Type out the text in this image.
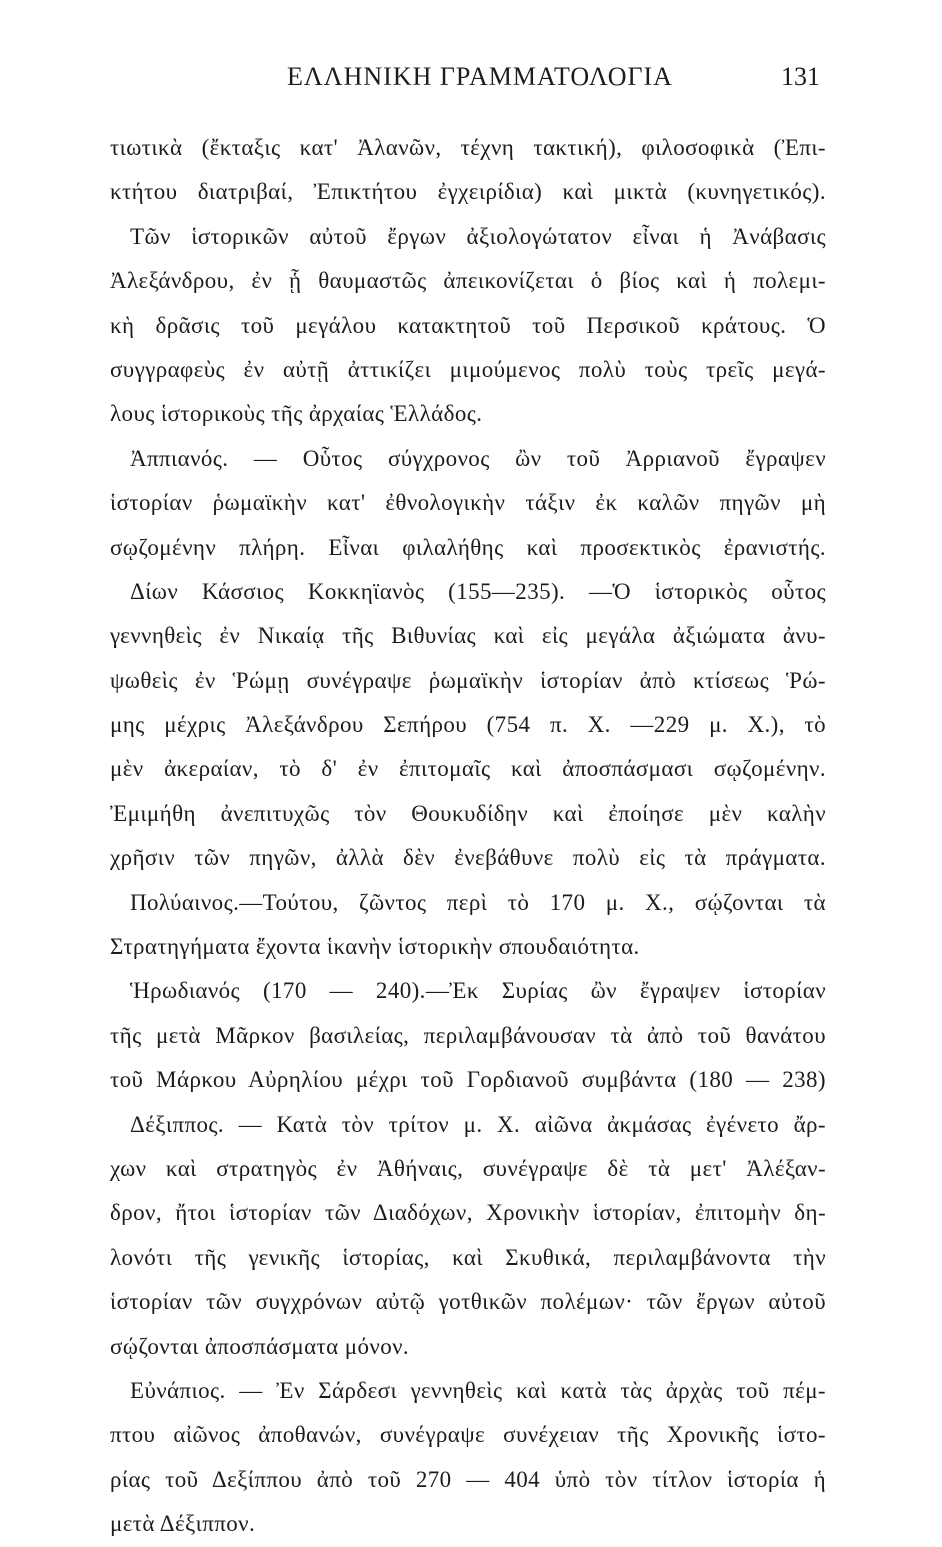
ΕΛΛΗΝΙΚΗ ΓΡΑΜΜΑΤΟΛΟΓΙΑ	131
τιωτικὰ (ἔκταξις κατ' Ἀλανῶν, τέχνη τακτική), φιλοσοφικὰ (Ἐπι-
κτήτου διατριβαί, Ἐπικτήτου ἐγχειρίδια) καὶ μικτὰ (κυνηγετικός).
Τῶν ἱστορικῶν αὐτοῦ ἔργων ἀξιολογώτατον εἶναι ἡ Ἀνάβασις
Ἀλεξάνδρου, ἐν ᾗ θαυμαστῶς ἀπεικονίζεται ὁ βίος καὶ ἡ πολεμι-
κὴ δρᾶσις τοῦ μεγάλου κατακτητοῦ τοῦ Περσικοῦ κράτους. Ὁ
συγγραφεὺς ἐν αὐτῇ ἀττικίζει μιμούμενος πολὺ τοὺς τρεῖς μεγά-
λους ἱστορικοὺς τῆς ἀρχαίας Ἑλλάδος.
Ἀππιανός. — Οὗτος σύγχρονος ὢν τοῦ Ἀρριανοῦ ἔγραψεν
ἱστορίαν ῥωμαϊκὴν κατ' ἐθνολογικὴν τάξιν ἐκ καλῶν πηγῶν μὴ
σῳζομένην πλήρη. Εἶναι φιλαλήθης καὶ προσεκτικὸς ἐρανιστής.
Δίων Κάσσιος Κοκκηϊανὸς (155—235). —Ὁ ἱστορικὸς οὗτος
γεννηθεὶς ἐν Νικαίᾳ τῆς Βιθυνίας καὶ εἰς μεγάλα ἀξιώματα ἀνυ-
ψωθεὶς ἐν Ῥώμῃ συνέγραψε ῥωμαϊκὴν ἱστορίαν ἀπὸ κτίσεως Ῥώ-
μης μέχρις Ἀλεξάνδρου Σεπήρου (754 π. Χ. —229 μ. Χ.), τὸ
μὲν ἀκεραίαν, τὸ δ' ἐν ἐπιτομαῖς καὶ ἀποσπάσμασι σῳζομένην.
Ἐμιμήθη ἀνεπιτυχῶς τὸν Θουκυδίδην καὶ ἐποίησε μὲν καλὴν
χρῆσιν τῶν πηγῶν, ἀλλὰ δὲν ἐνεβάθυνε πολὺ εἰς τὰ πράγματα.
Πολύαινος.—Τούτου, ζῶντος περὶ τὸ 170 μ. Χ., σῴζονται τὰ
Στρατηγήματα ἔχοντα ἱκανὴν ἱστορικὴν σπουδαιότητα.
Ἡρωδιανός (170 — 240).—Ἐκ Συρίας ὢν ἔγραψεν ἱστορίαν
τῆς μετὰ Μᾶρκον βασιλείας, περιλαμβάνουσαν τὰ ἀπὸ τοῦ θανάτου
τοῦ Μάρκου Αὐρηλίου μέχρι τοῦ Γορδιανοῦ συμβάντα (180 — 238)
Δέξιππος. — Κατὰ τὸν τρίτον μ. Χ. αἰῶνα ἀκμάσας ἐγένετο ἄρ-
χων καὶ στρατηγὸς ἐν Ἀθήναις, συνέγραψε δὲ τὰ μετ' Ἀλέξαν-
δρον, ἤτοι ἱστορίαν τῶν Διαδόχων, Χρονικὴν ἱστορίαν, ἐπιτομὴν δη-
λονότι τῆς γενικῆς ἱστορίας, καὶ Σκυθικά, περιλαμβάνοντα τὴν
ἱστορίαν τῶν συγχρόνων αὐτῷ γοτθικῶν πολέμων· τῶν ἔργων αὐτοῦ
σῴζονται ἀποσπάσματα μόνον.
Εὐνάπιος. — Ἐν Σάρδεσι γεννηθεὶς καὶ κατὰ τὰς ἀρχὰς τοῦ πέμ-
πτου αἰῶνος ἀποθανών, συνέγραψε συνέχειαν τῆς Χρονικῆς ἱστο-
ρίας τοῦ Δεξίππου ἀπὸ τοῦ 270 — 404 ὑπὸ τὸν τίτλον ἱστορία ἡ
μετὰ Δέξιππον.
